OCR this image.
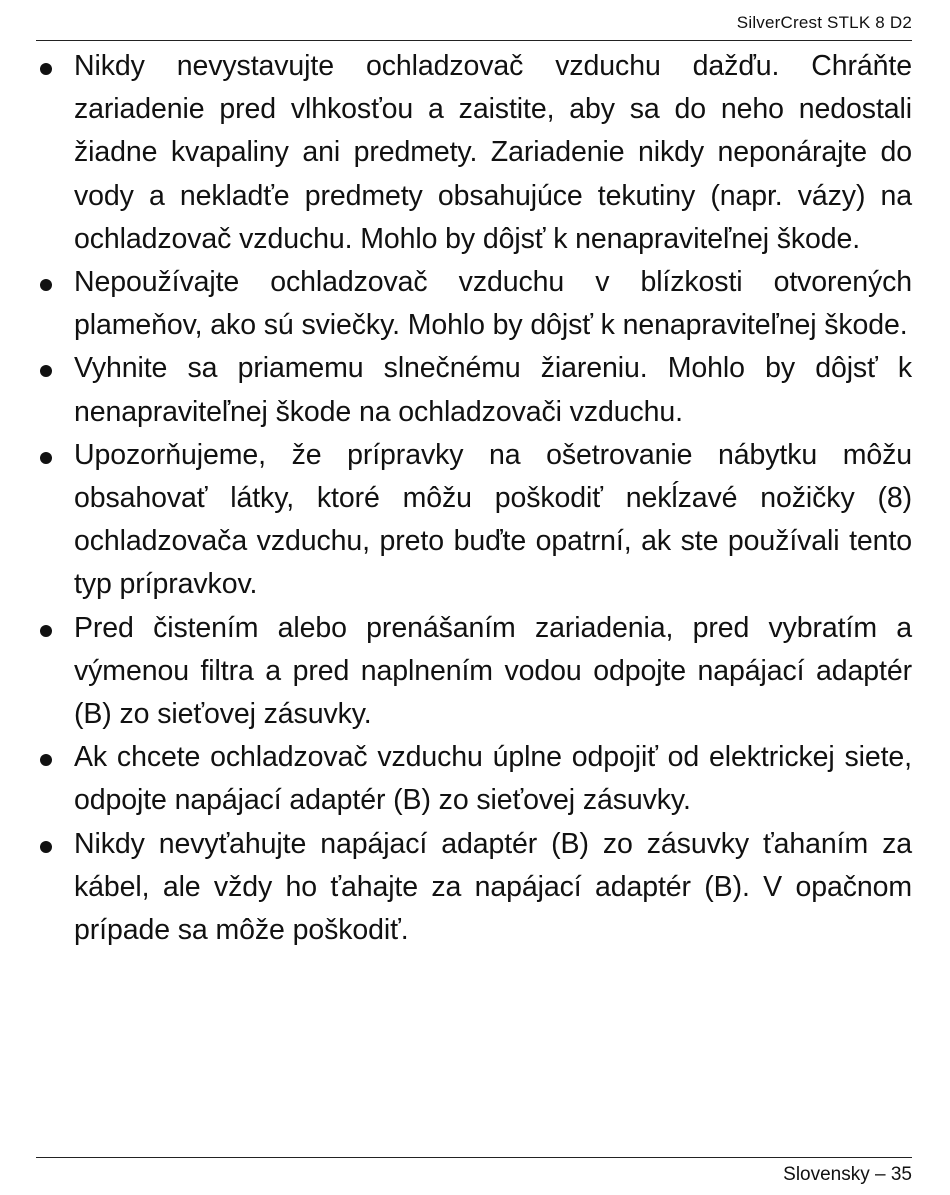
SilverCrest STLK 8 D2
Nikdy nevystavujte ochladzovač vzduchu dažďu. Chráňte zariadenie pred vlhkosťou a zaistite, aby sa do neho nedostali žiadne kvapaliny ani predmety. Zariadenie nikdy neponárajte do vody a nekladťe predmety obsahujúce tekutiny (napr. vázy) na ochladzovač vzduchu. Mohlo by dôjsť k nenapraviteľnej škode.
Nepoužívajte ochladzovač vzduchu v blízkosti otvorených plameňov, ako sú sviečky. Mohlo by dôjsť k nenapraviteľnej škode.
Vyhnite sa priamemu slnečnému žiareniu. Mohlo by dôjsť k nenapraviteľnej škode na ochladzovači vzduchu.
Upozorňujeme, že prípravky na ošetrovanie nábytku môžu obsahovať látky, ktoré môžu poškodiť nekĺzavé nožičky (8) ochladzovača vzduchu, preto buďte opatrní, ak ste používali tento typ prípravkov.
Pred čistením alebo prenášaním zariadenia, pred vybratím a výmenou filtra a pred naplnením vodou odpojte napájací adaptér (B) zo sieťovej zásuvky.
Ak chcete ochladzovač vzduchu úplne odpojiť od elektrickej siete, odpojte napájací adaptér (B) zo sieťovej zásuvky.
Nikdy nevyťahujte napájací adaptér (B) zo zásuvky ťahaním za kábel, ale vždy ho ťahajte za napájací adaptér (B). V opačnom prípade sa môže poškodiť.
Slovensky – 35
